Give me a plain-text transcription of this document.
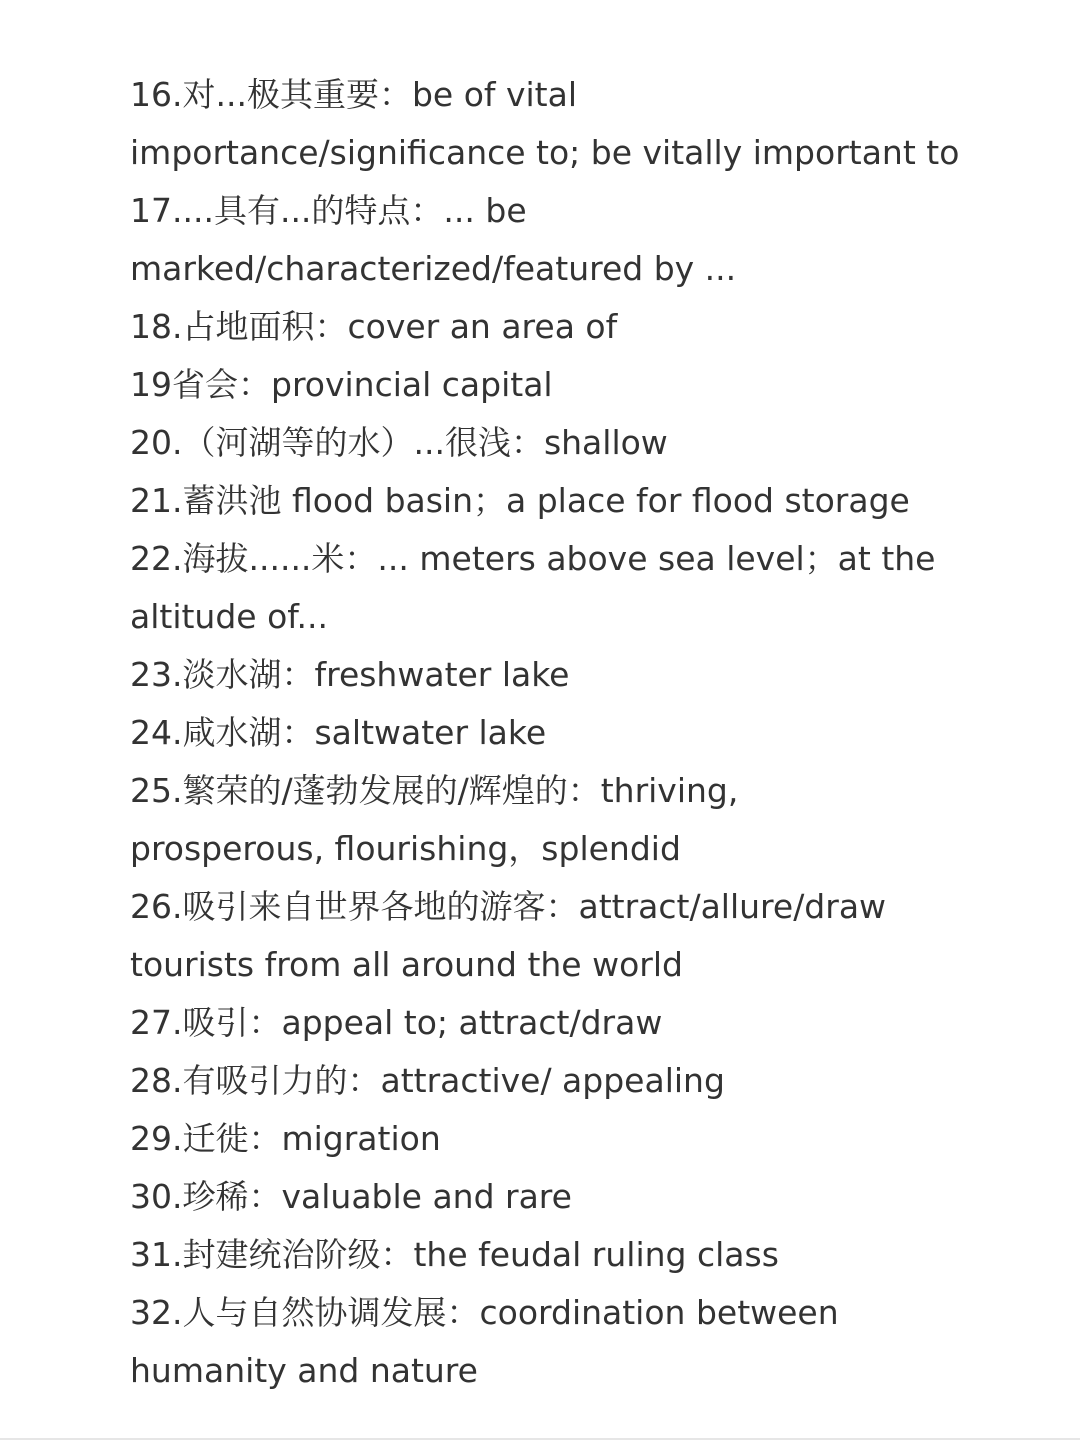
16.对...极其重要：be of vital
importance/significance to; be vitally important to
17....具有...的特点：... be
marked/characterized/featured by ...
18.占地面积：cover an area of
19省会：provincial capital
20.（河湖等的水）...很浅：shallow
21.蓄洪池 flood basin；a place for flood storage
22.海拔......米：... meters above sea level；at the
altitude of...
23.淡水湖：freshwater lake
24.咸水湖：saltwater lake
25.繁荣的/蓬勃发展的/辉煌的：thriving,
prosperous, flourishing，splendid
26.吸引来自世界各地的游客：attract/allure/draw
tourists from all around the world
27.吸引：appeal to; attract/draw
28.有吸引力的：attractive/ appealing
29.迁徙：migration
30.珍稀：valuable and rare
31.封建统治阶级：the feudal ruling class
32.人与自然协调发展：coordination between
humanity and nature
